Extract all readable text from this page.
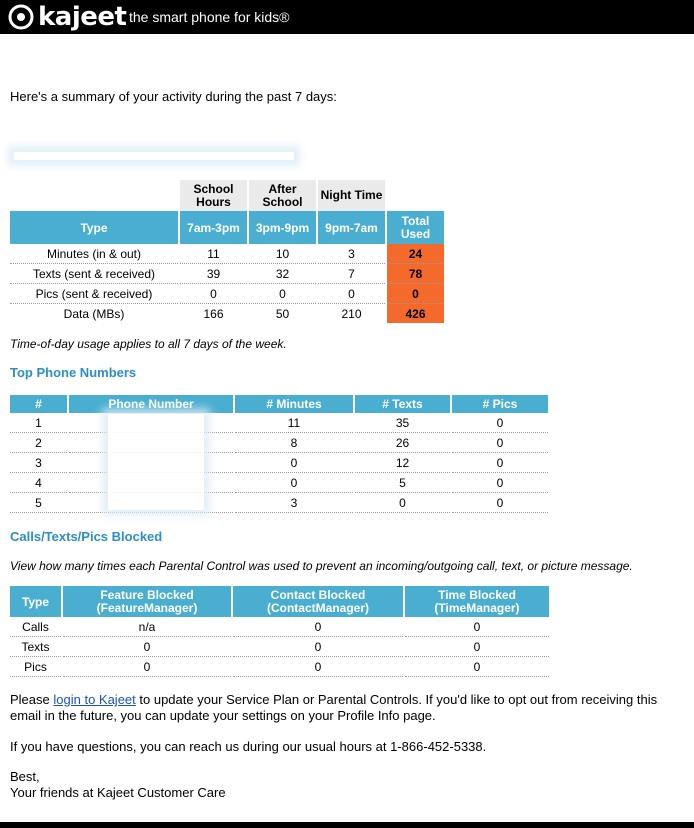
kajeet the smart phone for kids®
Here's a summary of your activity during the past 7 days:
	School Hours	After School	Night Time	
Type	7am-3pm	3pm-9pm	9pm-7am	Total Used
Minutes (in & out)	11	10	3	24
Texts (sent & received)	39	32	7	78
Pics (sent & received)	0	0	0	0
Data (MBs)	166	50	210	426
Time-of-day usage applies to all 7 days of the week.
Top Phone Numbers
#	Phone Number	# Minutes	# Texts	# Pics
1		11	35	0
2		8	26	0
3		0	12	0
4		0	5	0
5		3	0	0
Calls/Texts/Pics Blocked
View how many times each Parental Control was used to prevent an incoming/outgoing call, text, or picture message.
Type	Feature Blocked (FeatureManager)	Contact Blocked (ContactManager)	Time Blocked (TimeManager)
Calls	n/a	0	0
Texts	0	0	0
Pics	0	0	0
Please login to Kajeet to update your Service Plan or Parental Controls. If you'd like to opt out from receiving this email in the future, you can update your settings on your Profile Info page.
If you have questions, you can reach us during our usual hours at 1-866-452-5338.
Best,
Your friends at Kajeet Customer Care
